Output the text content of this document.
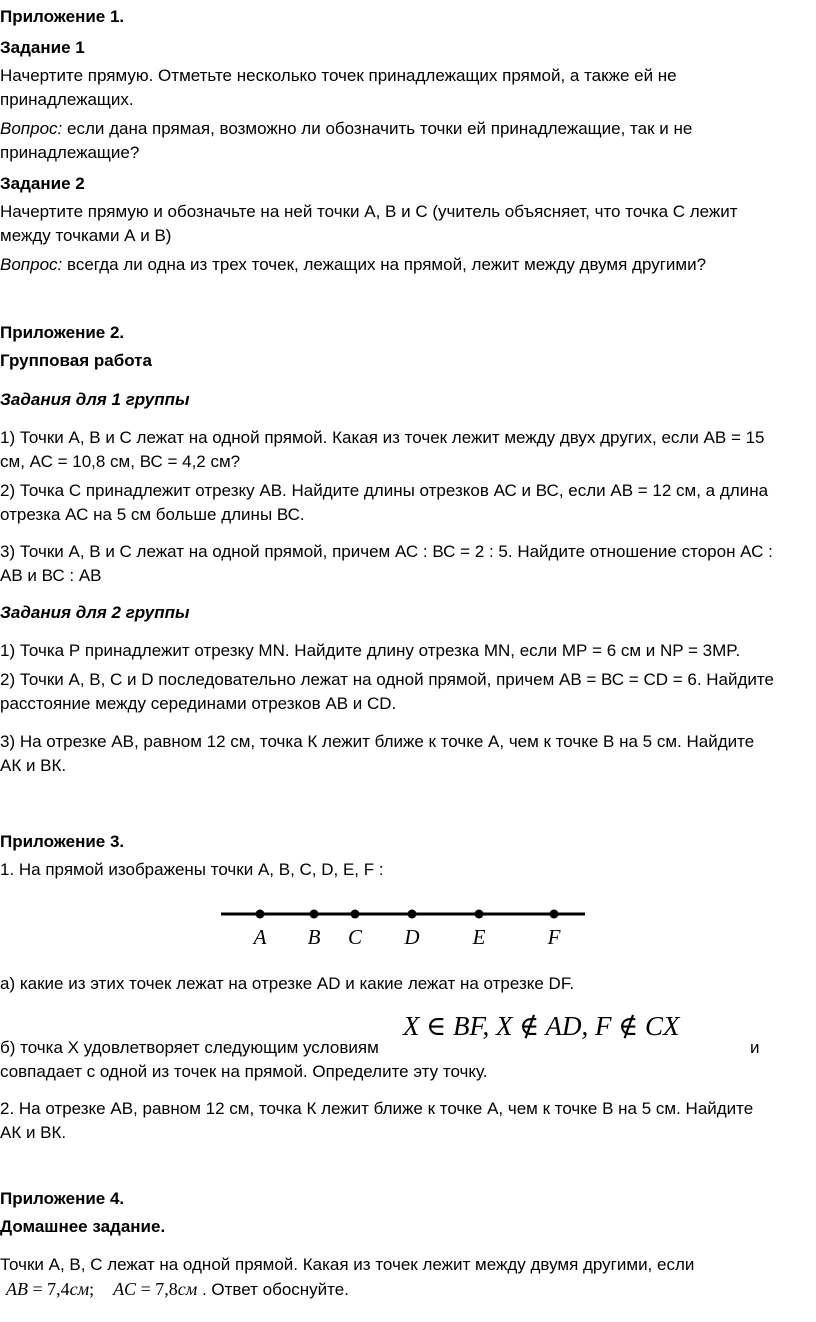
Приложение 1.
Задание 1
Начертите прямую. Отметьте несколько точек принадлежащих прямой, а также ей не
принадлежащих.
Вопрос: если дана прямая, возможно ли обозначить точки ей принадлежащие, так и не
принадлежащие?
Задание 2
Начертите прямую и обозначьте на ней точки А, В и С (учитель объясняет, что точка С лежит
между точками А и В)
Вопрос: всегда ли одна из трех точек, лежащих на прямой, лежит между двумя другими?
Приложение 2.
Групповая работа
Задания для 1 группы
1) Точки А, В и С лежат на одной прямой. Какая из точек лежит между двух других, если АВ = 15
см, АС = 10,8 см, ВС = 4,2 см?
2) Точка С принадлежит отрезку АВ. Найдите длины отрезков АС и ВС, если АВ = 12 см, а длина
отрезка АС на 5 см больше длины ВС.
3) Точки А, В и С лежат на одной прямой, причем АС : ВС = 2 : 5. Найдите отношение сторон АС :
АВ и ВС : АВ
Задания для 2 группы
1) Точка Р принадлежит отрезку MN. Найдите длину отрезка MN, если МР = 6 см и NP = 3MP.
2) Точки А, В, С и D последовательно лежат на одной прямой, причем АВ = ВС = CD = 6. Найдите
расстояние между серединами отрезков АВ и CD.
3) На отрезке АВ, равном 12 см, точка К лежит ближе к точке А, чем к точке В на 5 см. Найдите
АК и ВК.
Приложение 3.
1. На прямой изображены точки А, В, С, D, E, F :
A B C D	E	F
а) какие из этих точек лежат на отрезке AD и какие лежат на отрезке DF.
б) точка Х удовлетворяет следующим условиям
X ∈ BF, X ∉ AD, F ∉ CX
и
совпадает с одной из точек на прямой. Определите эту точку.
2. На отрезке АВ, равном 12 см, точка К лежит ближе к точке А, чем к точке В на 5 см. Найдите
АК и ВК.
Приложение 4.
Домашнее задание.
Точки А, В, С лежат на одной прямой. Какая из точек лежит между двумя другими, если
AB = 7,4см; AC = 7,8см . Ответ обоснуйте.
